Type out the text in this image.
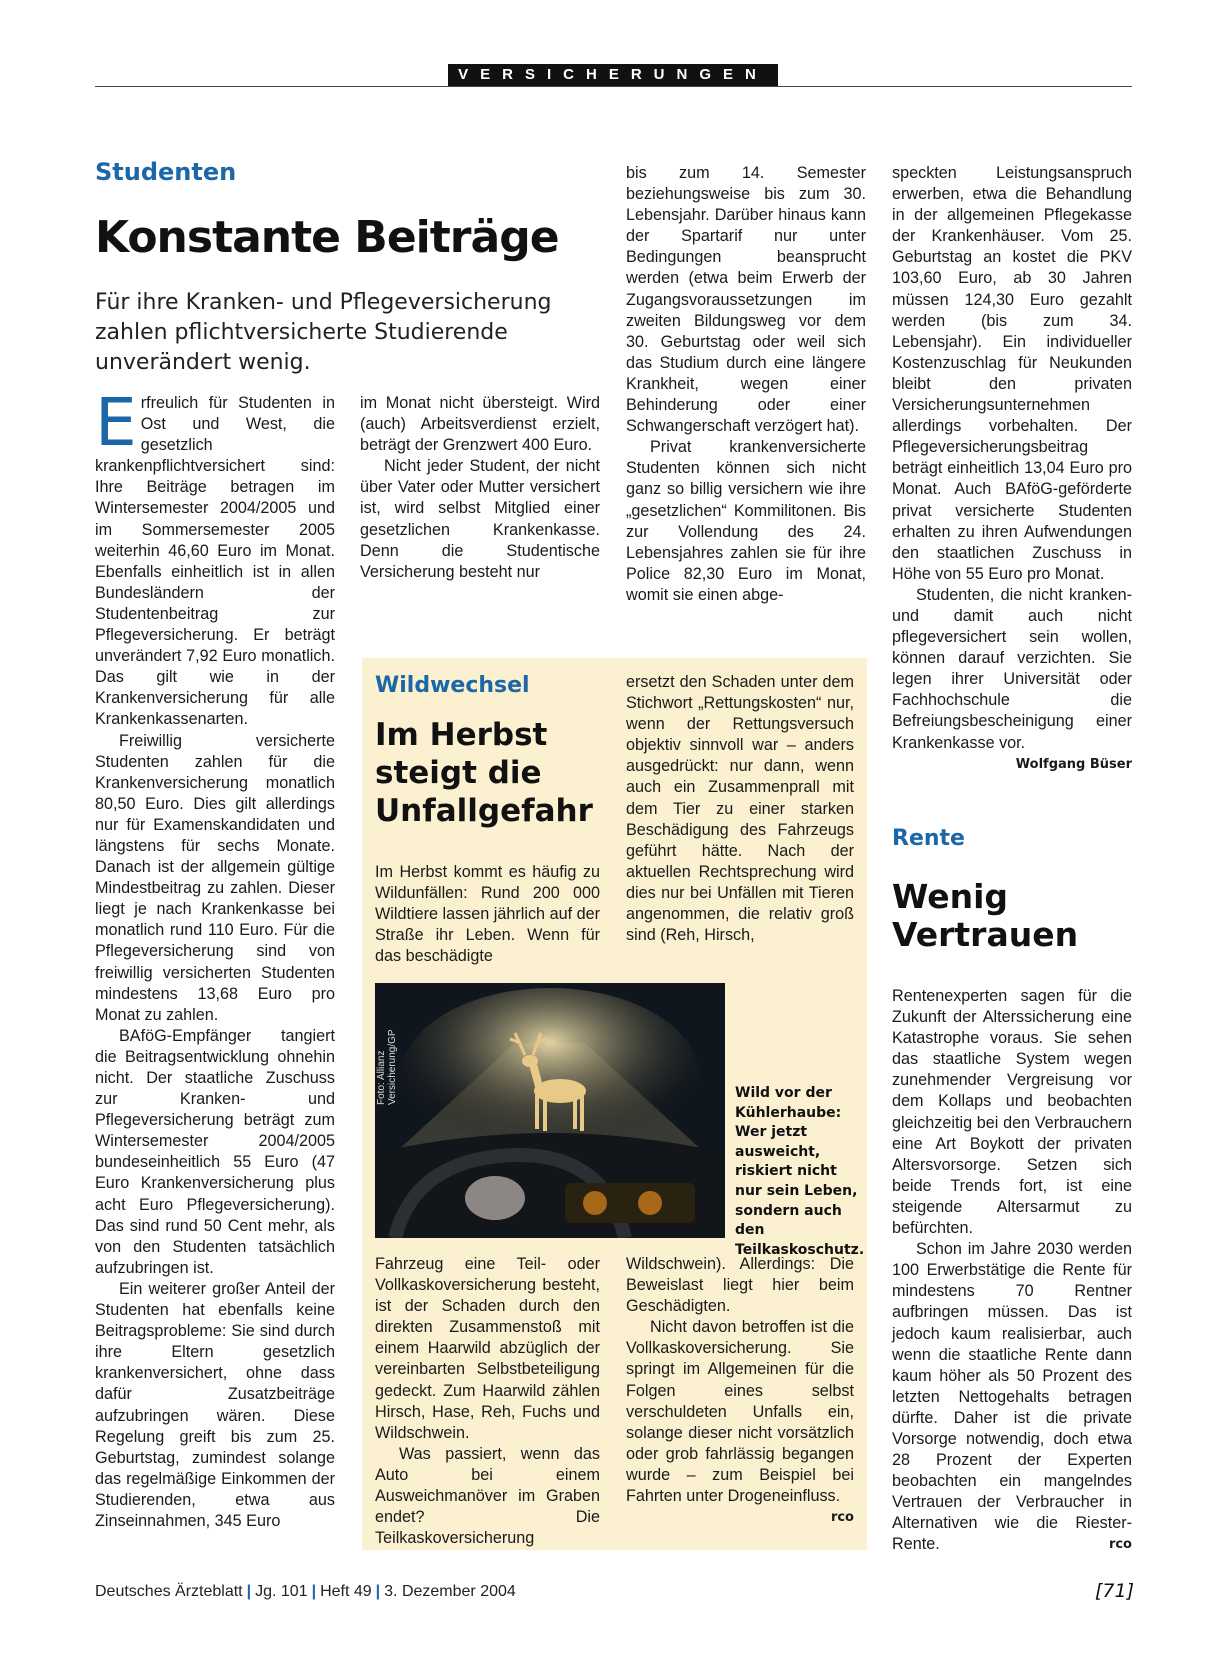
VERSICHERUNGEN
Studenten
Konstante Beiträge
Für ihre Kranken- und Pflegeversicherung zahlen pflichtversicherte Studierende unverändert wenig.

Erfreulich für Studenten in Ost und West, die gesetzlich krankenpflichtversichert sind: Ihre Beiträge betragen im Wintersemester 2004/2005 und im Sommersemester 2005 weiterhin 46,60 Euro im Monat. Ebenfalls einheitlich ist in allen Bundesländern der Studentenbeitrag zur Pflegeversicherung. Er beträgt unverändert 7,92 Euro monatlich. Das gilt wie in der Krankenversicherung für alle Krankenkassenarten.

Freiwillig versicherte Studenten zahlen für die Krankenversicherung monatlich 80,50 Euro. Dies gilt allerdings nur für Examenskandidaten und längstens für sechs Monate. Danach ist der allgemein gültige Mindestbeitrag zu zahlen. Dieser liegt je nach Krankenkasse bei monatlich rund 110 Euro. Für die Pflegeversicherung sind von freiwillig versicherten Studenten mindestens 13,68 Euro pro Monat zu zahlen.

BAföG-Empfänger tangiert die Beitragsentwicklung ohnehin nicht. Der staatliche Zuschuss zur Kranken- und Pflegeversicherung beträgt zum Wintersemester 2004/2005 bundeseinheitlich 55 Euro (47 Euro Krankenversicherung plus acht Euro Pflegeversicherung). Das sind rund 50 Cent mehr, als von den Studenten tatsächlich aufzubringen ist.

Ein weiterer großer Anteil der Studenten hat ebenfalls keine Beitragsprobleme: Sie sind durch ihre Eltern gesetzlich krankenversichert, ohne dass dafür Zusatzbeiträge aufzubringen wären. Diese Regelung greift bis zum 25. Geburtstag, zumindest solange das regelmäßige Einkommen der Studierenden, etwa aus Zinseinnahmen, 345 Euro

im Monat nicht übersteigt. Wird (auch) Arbeitsverdienst erzielt, beträgt der Grenzwert 400 Euro.

Nicht jeder Student, der nicht über Vater oder Mutter versichert ist, wird selbst Mitglied einer gesetzlichen Krankenkasse. Denn die Studentische Versicherung besteht nur

bis zum 14. Semester beziehungsweise bis zum 30. Lebensjahr. Darüber hinaus kann der Spartarif nur unter Bedingungen beansprucht werden (etwa beim Erwerb der Zugangsvoraussetzungen im zweiten Bildungsweg vor dem 30. Geburtstag oder weil sich das Studium durch eine längere Krankheit, wegen einer Behinderung oder einer Schwangerschaft verzögert hat).

Privat krankenversicherte Studenten können sich nicht ganz so billig versichern wie ihre „gesetzlichen“ Kommilitonen. Bis zur Vollendung des 24. Lebensjahres zahlen sie für ihre Police 82,30 Euro im Monat, womit sie einen abge-

speckten Leistungsanspruch erwerben, etwa die Behandlung in der allgemeinen Pflegekasse der Krankenhäuser. Vom 25. Geburtstag an kostet die PKV 103,60 Euro, ab 30 Jahren müssen 124,30 Euro gezahlt werden (bis zum 34. Lebensjahr). Ein individueller Kostenzuschlag für Neukunden bleibt den privaten Versicherungsunternehmen allerdings vorbehalten. Der Pflegeversicherungsbeitrag beträgt einheitlich 13,04 Euro pro Monat. Auch BAföG-geförderte privat versicherte Studenten erhalten zu ihren Aufwendungen den staatlichen Zuschuss in Höhe von 55 Euro pro Monat.

Studenten, die nicht kranken- und damit auch nicht pflegeversichert sein wollen, können darauf verzichten. Sie legen ihrer Universität oder Fachhochschule die Befreiungsbescheinigung einer Krankenkasse vor.
Wolfgang Büser

Wildwechsel
Im Herbst
steigt die
Unfallgefahr

Im Herbst kommt es häufig zu Wildunfällen: Rund 200 000 Wildtiere lassen jährlich auf der Straße ihr Leben. Wenn für das beschädigte

ersetzt den Schaden unter dem Stichwort „Rettungskosten“ nur, wenn der Rettungsversuch objektiv sinnvoll war – anders ausgedrückt: nur dann, wenn auch ein Zusammenprall mit dem Tier zu einer starken Beschädigung des Fahrzeugs geführt hätte. Nach der aktuellen Rechtsprechung wird dies nur bei Unfällen mit Tieren angenommen, die relativ groß sind (Reh, Hirsch,

Foto: Allianz Versicherung/GP	Wild vor der Kühlerhaube: Wer jetzt ausweicht, riskiert nicht nur sein Leben, sondern auch den Teilkaskoschutz.

Fahrzeug eine Teil- oder Vollkaskoversicherung besteht, ist der Schaden durch den direkten Zusammenstoß mit einem Haarwild abzüglich der vereinbarten Selbstbeteiligung gedeckt. Zum Haarwild zählen Hirsch, Hase, Reh, Fuchs und Wildschwein.

Was passiert, wenn das Auto bei einem Ausweichmanöver im Graben endet? Die Teilkaskoversicherung

Wildschwein). Allerdings: Die Beweislast liegt hier beim Geschädigten.

Nicht davon betroffen ist die Vollkaskoversicherung. Sie springt im Allgemeinen für die Folgen eines selbst verschuldeten Unfalls ein, solange dieser nicht vorsätzlich oder grob fahrlässig begangen wurde – zum Beispiel bei Fahrten unter Drogeneinfluss.
rco

Rente
Wenig
Vertrauen

Rentenexperten sagen für die Zukunft der Alterssicherung eine Katastrophe voraus. Sie sehen das staatliche System wegen zunehmender Vergreisung vor dem Kollaps und beobachten gleichzeitig bei den Verbrauchern eine Art Boykott der privaten Altersvorsorge. Setzen sich beide Trends fort, ist eine steigende Altersarmut zu befürchten.

Schon im Jahre 2030 werden 100 Erwerbstätige die Rente für mindestens 70 Rentner aufbringen müssen. Das ist jedoch kaum realisierbar, auch wenn die staatliche Rente dann kaum höher als 50 Prozent des letzten Nettogehalts betragen dürfte. Daher ist die private Vorsorge notwendig, doch etwa 28 Prozent der Experten beobachten ein mangelndes Vertrauen der Verbraucher in Alternativen wie die Riester-Rente.	rco

Deutsches Ärzteblatt | Jg. 101 | Heft 49 | 3. Dezember 2004	[71]
